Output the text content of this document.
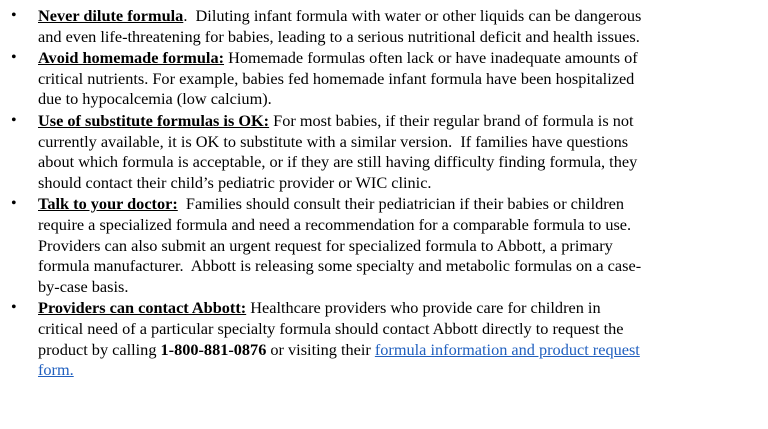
• Never dilute formula.  Diluting infant formula with water or other liquids can be dangerous
and even life-threatening for babies, leading to a serious nutritional deficit and health issues.
• Avoid homemade formula: Homemade formulas often lack or have inadequate amounts of
critical nutrients. For example, babies fed homemade infant formula have been hospitalized
due to hypocalcemia (low calcium).
• Use of substitute formulas is OK: For most babies, if their regular brand of formula is not
currently available, it is OK to substitute with a similar version.  If families have questions
about which formula is acceptable, or if they are still having difficulty finding formula, they
should contact their child’s pediatric provider or WIC clinic.
• Talk to your doctor:  Families should consult their pediatrician if their babies or children
require a specialized formula and need a recommendation for a comparable formula to use.
Providers can also submit an urgent request for specialized formula to Abbott, a primary
formula manufacturer.  Abbott is releasing some specialty and metabolic formulas on a case-
by-case basis.
• Providers can contact Abbott: Healthcare providers who provide care for children in
critical need of a particular specialty formula should contact Abbott directly to request the
product by calling 1-800-881-0876 or visiting their formula information and product request
form.
